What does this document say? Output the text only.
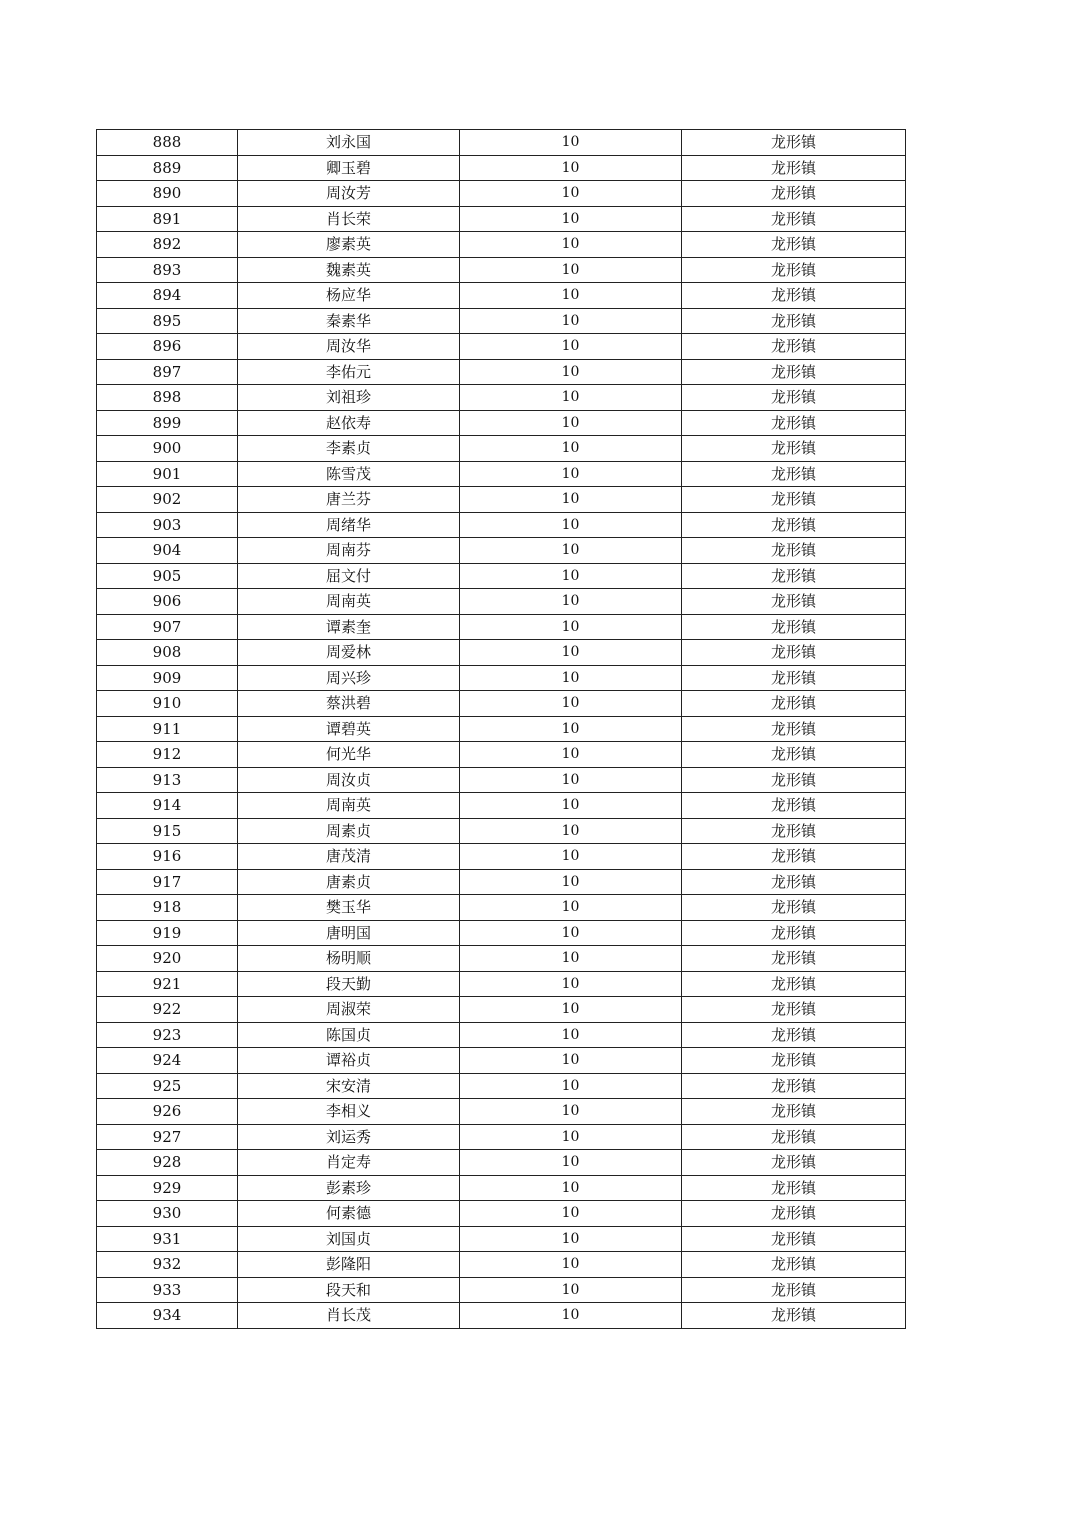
888	刘永国	10	龙形镇
889	卿玉碧	10	龙形镇
890	周汝芳	10	龙形镇
891	肖长荣	10	龙形镇
892	廖素英	10	龙形镇
893	魏素英	10	龙形镇
894	杨应华	10	龙形镇
895	秦素华	10	龙形镇
896	周汝华	10	龙形镇
897	李佑元	10	龙形镇
898	刘祖珍	10	龙形镇
899	赵依寿	10	龙形镇
900	李素贞	10	龙形镇
901	陈雪茂	10	龙形镇
902	唐兰芬	10	龙形镇
903	周绪华	10	龙形镇
904	周南芬	10	龙形镇
905	屈文付	10	龙形镇
906	周南英	10	龙形镇
907	谭素奎	10	龙形镇
908	周爱林	10	龙形镇
909	周兴珍	10	龙形镇
910	蔡洪碧	10	龙形镇
911	谭碧英	10	龙形镇
912	何光华	10	龙形镇
913	周汝贞	10	龙形镇
914	周南英	10	龙形镇
915	周素贞	10	龙形镇
916	唐茂清	10	龙形镇
917	唐素贞	10	龙形镇
918	樊玉华	10	龙形镇
919	唐明国	10	龙形镇
920	杨明顺	10	龙形镇
921	段天勤	10	龙形镇
922	周淑荣	10	龙形镇
923	陈国贞	10	龙形镇
924	谭裕贞	10	龙形镇
925	宋安清	10	龙形镇
926	李相义	10	龙形镇
927	刘运秀	10	龙形镇
928	肖定寿	10	龙形镇
929	彭素珍	10	龙形镇
930	何素德	10	龙形镇
931	刘国贞	10	龙形镇
932	彭隆阳	10	龙形镇
933	段天和	10	龙形镇
934	肖长茂	10	龙形镇
